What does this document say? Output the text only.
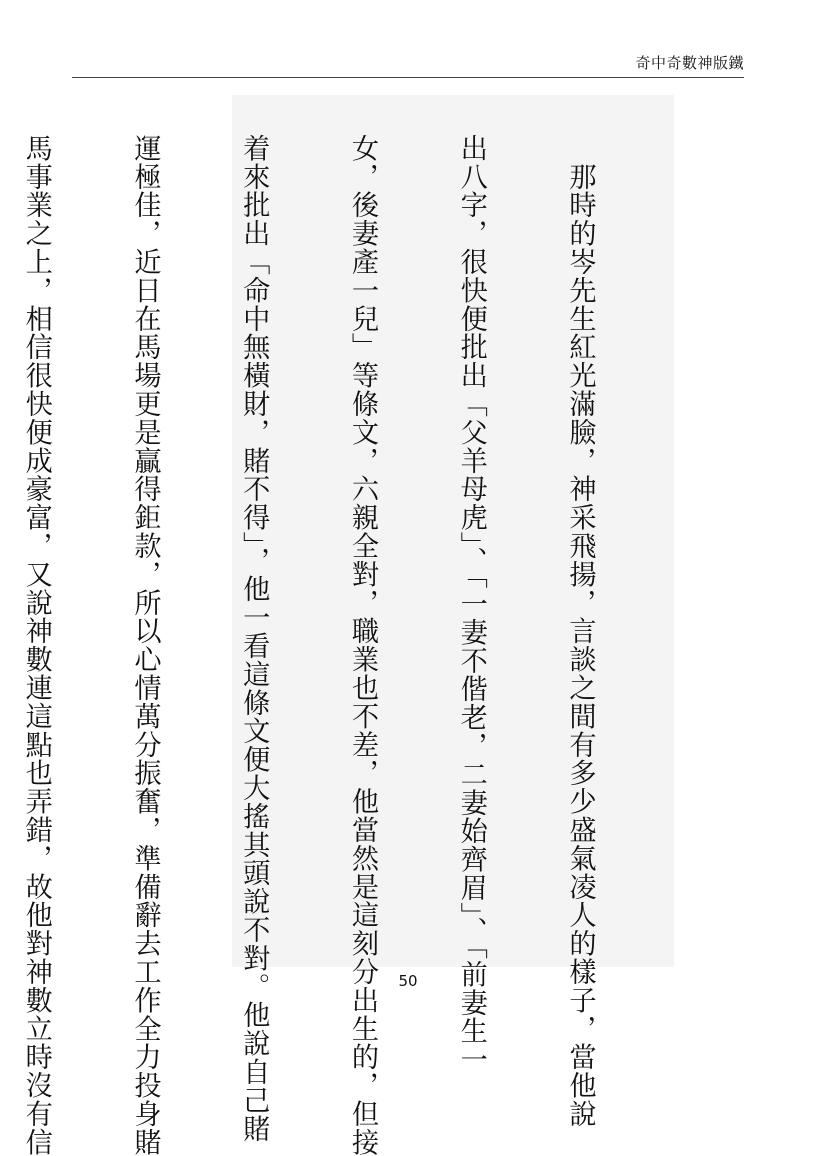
奇中奇數神版鐵

　那時的岑先生紅光滿臉，神采飛揚，言談之間有多少盛氣凌人的樣子，當他說

出八字，很快便批出「父羊母虎」、「一妻不偕老，二妻始齊眉」、「前妻生一

女，後妻產一兒」等條文，六親全對，職業也不差，他當然是這刻分出生的，但接

着來批出「命中無橫財，賭不得」，他一看這條文便大搖其頭說不對。他說自己賭

運極佳，近日在馬場更是贏得鉅款，所以心情萬分振奮，準備辭去工作全力投身賭

馬事業之上，相信很快便成豪富，又說神數連這點也弄錯，故他對神數立時沒有信

	50
